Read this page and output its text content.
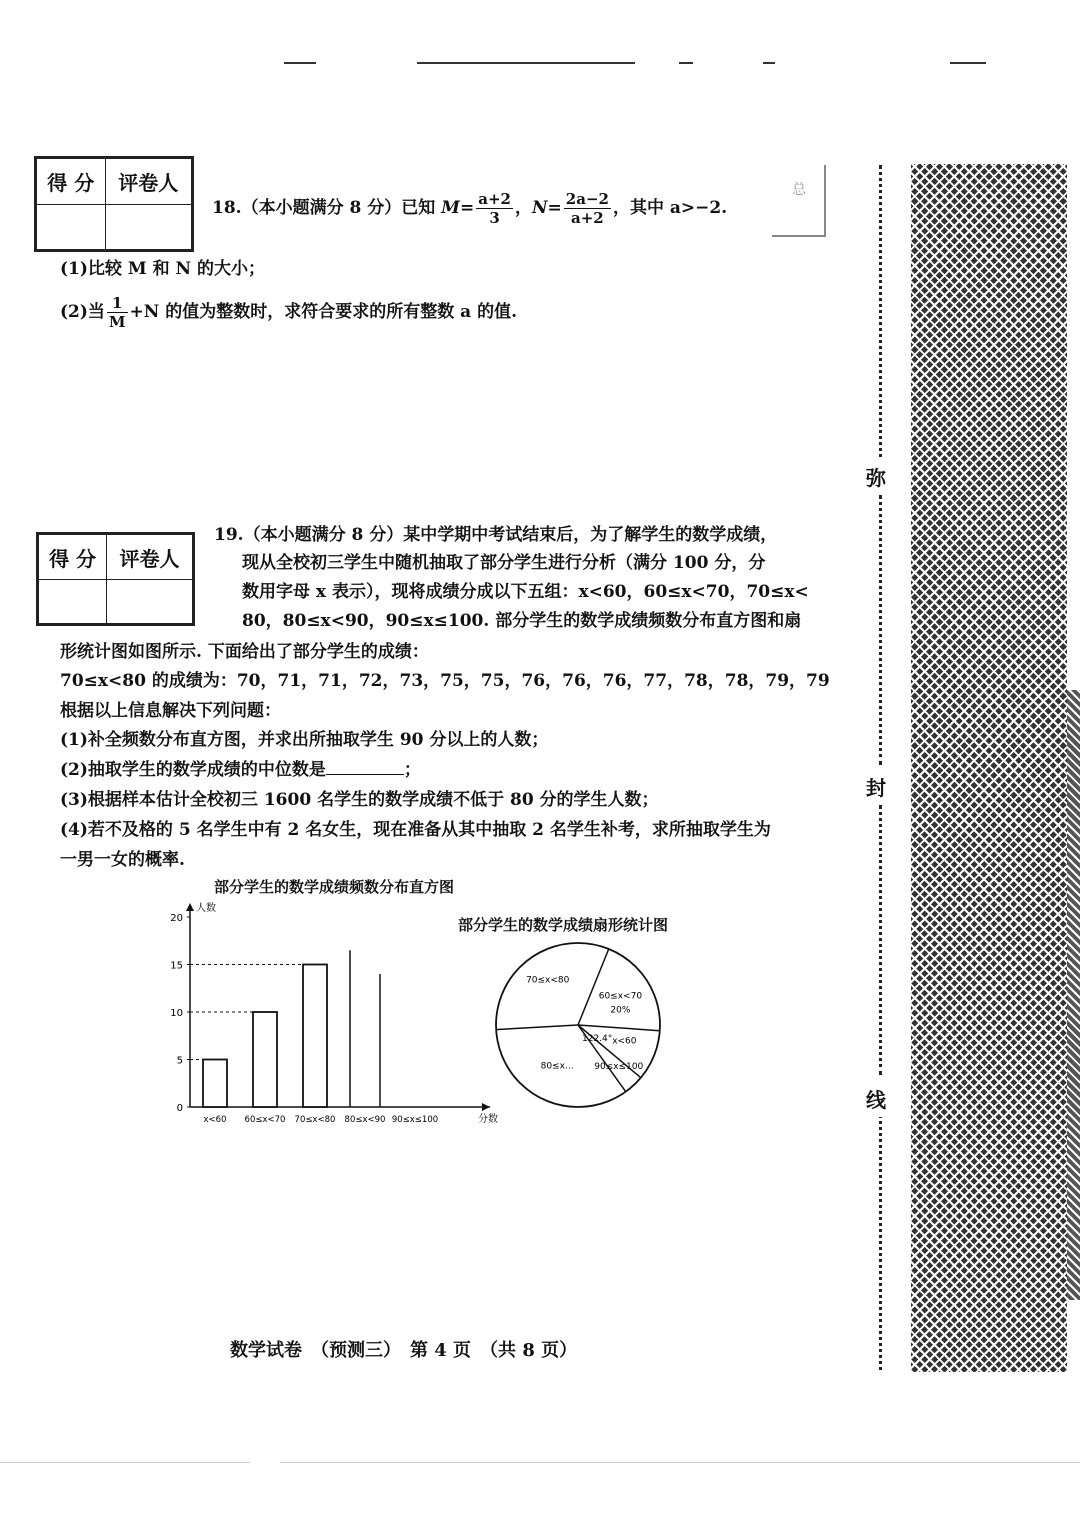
总
得 分	评卷人

18.（本小题满分 8 分）已知 $M= \frac{a+2}{3}$ ，$N= \frac{2a-2}{a+2}$ ，其中 a>−2.
(1)比较 M 和 N 的大小；
(2)当 $\frac{1}{M} +N$ 的值为整数时，求符合要求的所有整数 a 的值.
得 分	评卷人

19.（本小题满分 8 分）某中学期中考试结束后，为了解学生的数学成绩，
现从全校初三学生中随机抽取了部分学生进行分析（满分 100 分，分
数用字母 x 表示），现将成绩分成以下五组：x<60，60≤x<70，70≤x<
80，80≤x<90，90≤x≤100. 部分学生的数学成绩频数分布直方图和扇
形统计图如图所示. 下面给出了部分学生的成绩：
70≤x<80 的成绩为：70，71，71，72，73，75，75，76，76，76，77，78，78，79，79
根据以上信息解决下列问题：
(1)补全频数分布直方图，并求出所抽取学生 90 分以上的人数；
(2)抽取学生的数学成绩的中位数是	；
(3)根据样本估计全校初三 1600 名学生的数学成绩不低于 80 分的学生人数；
(4)若不及格的 5 名学生中有 2 名女生，现在准备从其中抽取 2 名学生补考，求所抽取学生为
一男一女的概率.
部分学生的数学成绩频数分布直方图
人数
分数
0
5
10
15
20
x<60 60≤x<70 70≤x<80 80≤x<90 90≤x≤100
部分学生的数学成绩扇形统计图
60≤x<70
x<60
90≤x≤100
80≤x…
70≤x<80
20%
122.4°
弥
封
线
数学试卷　（预测三）　第 4 页　（共 8 页）
